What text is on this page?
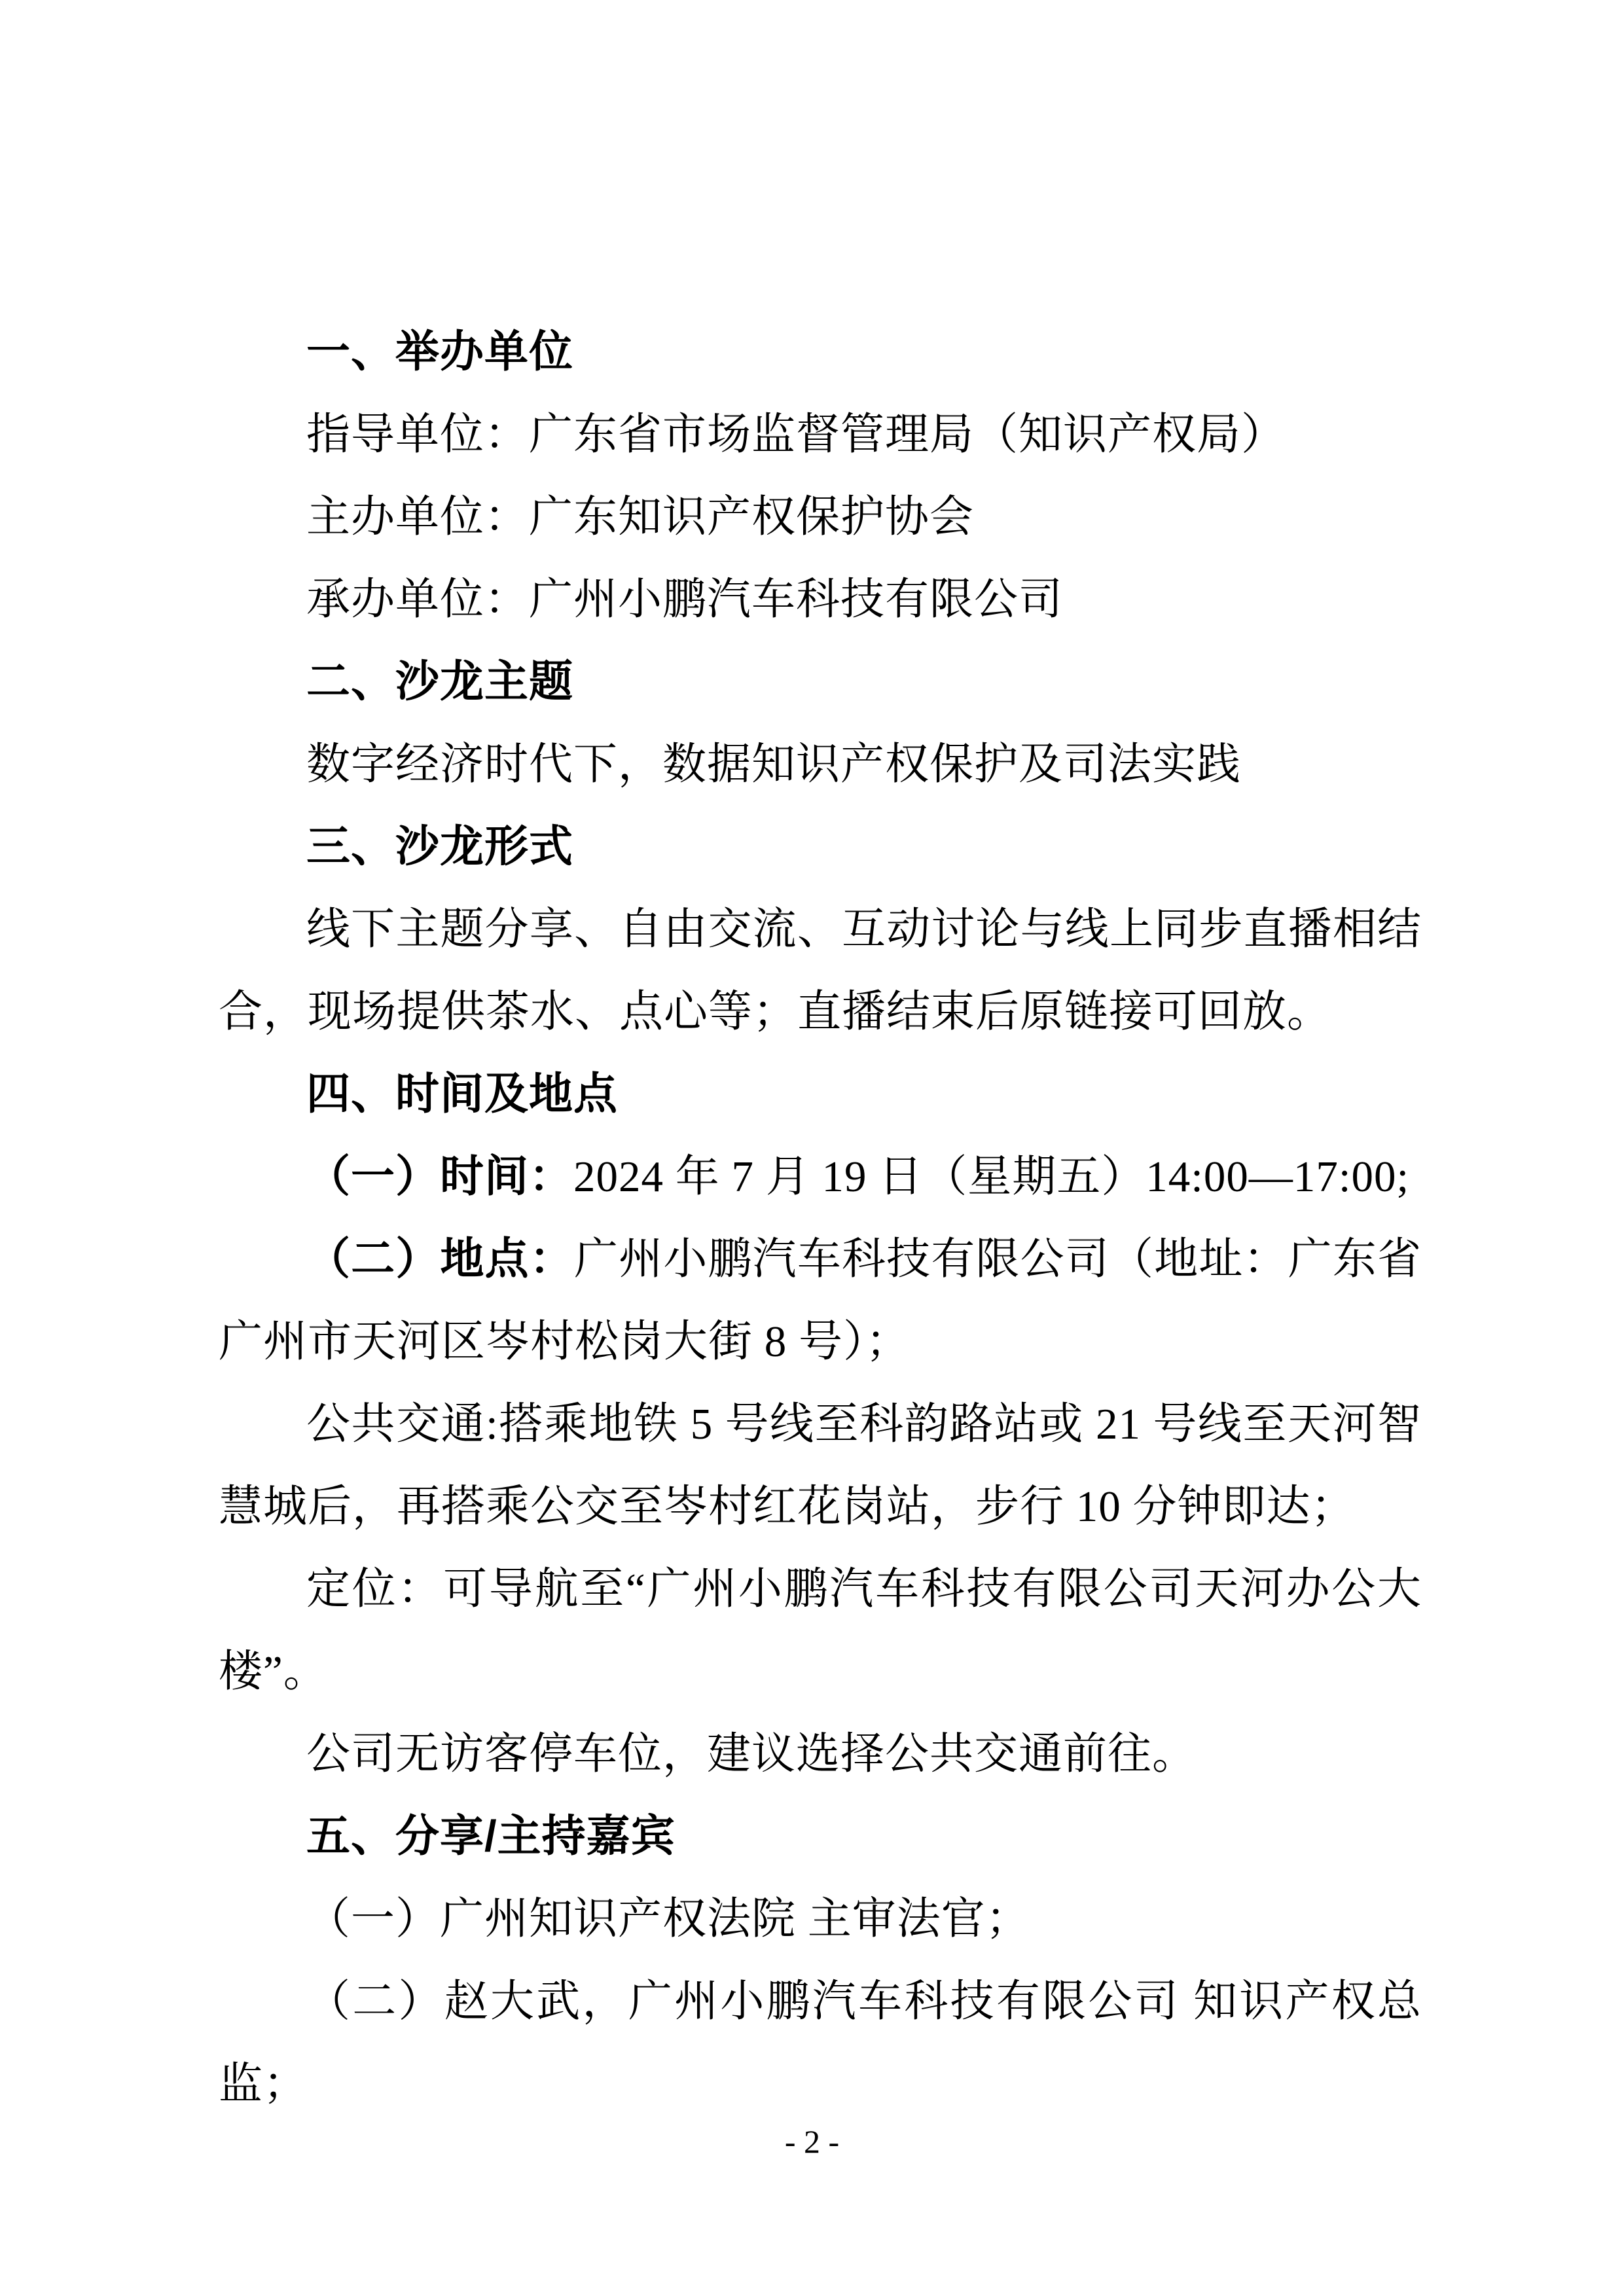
一、举办单位

指导单位：广东省市场监督管理局（知识产权局）

主办单位：广东知识产权保护协会

承办单位：广州小鹏汽车科技有限公司

二、沙龙主题

数字经济时代下，数据知识产权保护及司法实践

三、沙龙形式

线下主题分享、自由交流、互动讨论与线上同步直播相结合，现场提供茶水、点心等；直播结束后原链接可回放。

四、时间及地点

（一）时间：2024 年 7 月 19 日（星期五）14:00—17:00;

（二）地点：广州小鹏汽车科技有限公司（地址：广东省广州市天河区岑村松岗大街 8 号）；

公共交通:搭乘地铁 5 号线至科韵路站或 21 号线至天河智慧城后，再搭乘公交至岑村红花岗站，步行 10 分钟即达；

定位：可导航至“广州小鹏汽车科技有限公司天河办公大楼”。

公司无访客停车位，建议选择公共交通前往。

五、分享/主持嘉宾

（一）广州知识产权法院 主审法官；

（二）赵大武，广州小鹏汽车科技有限公司 知识产权总监；

- 2 -
